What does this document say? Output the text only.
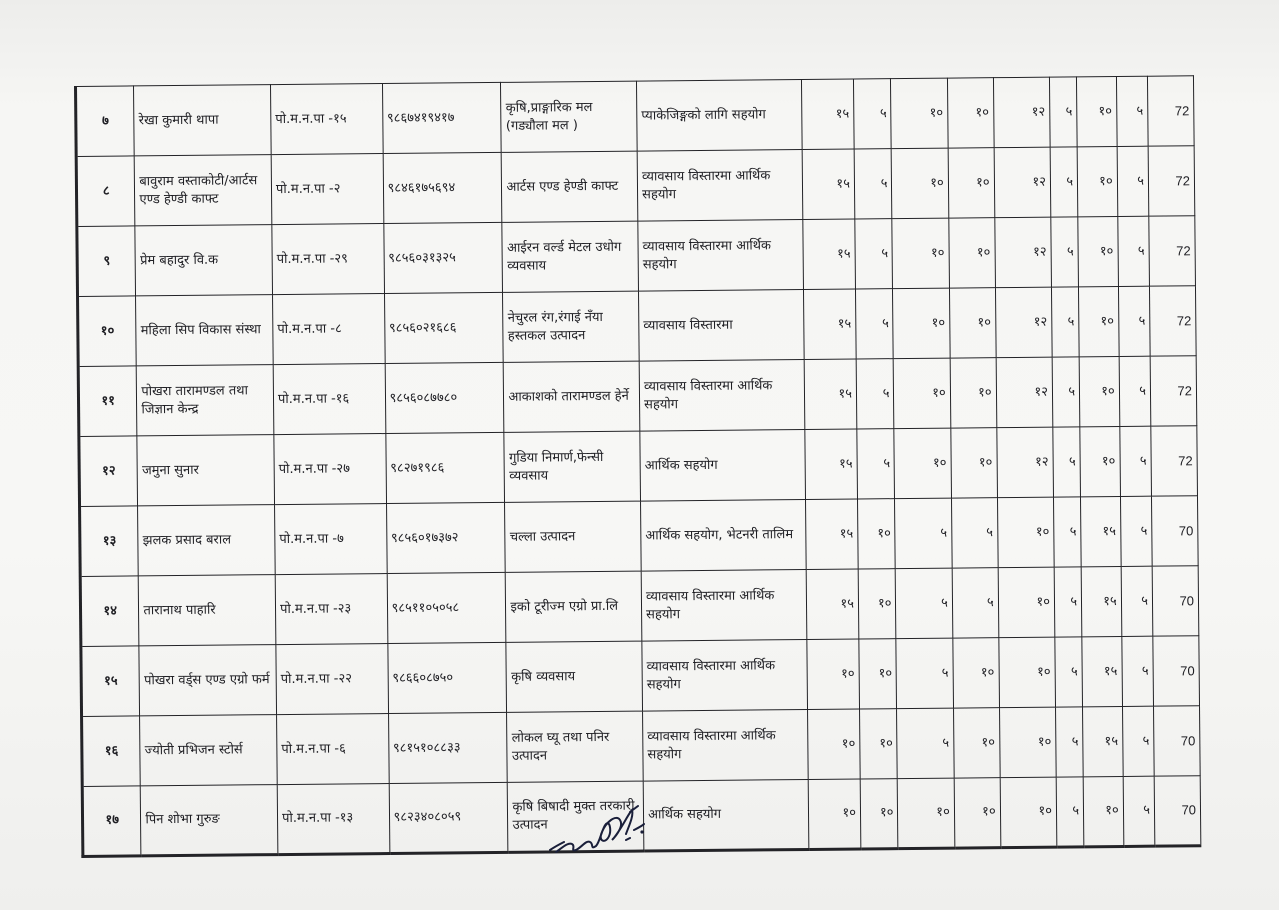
७	रेखा कुमारी थापा	पो.म.न.पा -१५	९८६७४१९४१७	कृषि,प्राङ्गारिक मल (गड्यौला मल )	प्याकेजिङ्गको लागि सहयोग	१५	५	१०	१०	१२	५	१०	५	72
८	बावुराम वस्ताकोटी/आर्टस एण्ड हेण्डी काफ्ट	पो.म.न.पा -२	९८४६१७५६९४	आर्टस एण्ड हेण्डी काफ्ट	व्यावसाय विस्तारमा आर्थिक सहयोग	१५	५	१०	१०	१२	५	१०	५	72
९	प्रेम बहादुर वि.क	पो.म.न.पा -२९	९८५६०३१३२५	आईरन वर्ल्ड मेटल उधोग व्यवसाय	व्यावसाय विस्तारमा आर्थिक सहयोग	१५	५	१०	१०	१२	५	१०	५	72
१०	महिला सिप विकास संस्था	पो.म.न.पा -८	९८५६०२१६८६	नेचुरल रंग,रंगाई नँया हस्तकल उत्पादन	व्यावसाय विस्तारमा	१५	५	१०	१०	१२	५	१०	५	72
११	पोखरा तारामण्डल तथा जिज्ञान केन्द्र	पो.म.न.पा -१६	९८५६०८७७८०	आकाशको तारामण्डल हेर्ने	व्यावसाय विस्तारमा आर्थिक सहयोग	१५	५	१०	१०	१२	५	१०	५	72
१२	जमुना सुनार	पो.म.न.पा -२७	९८२७१९८६	गुडिया निमार्ण,फेन्सी व्यवसाय	आर्थिक सहयोग	१५	५	१०	१०	१२	५	१०	५	72
१३	झलक प्रसाद बराल	पो.म.न.पा -७	९८५६०१७३७२	चल्ला उत्पादन	आर्थिक सहयोग, भेटनरी तालिम	१५	१०	५	५	१०	५	१५	५	70
१४	तारानाथ पाहारि	पो.म.न.पा -२३	९८५११०५०५८	इको टूरीज्म एग्रो प्रा.लि	व्यावसाय विस्तारमा आर्थिक सहयोग	१५	१०	५	५	१०	५	१५	५	70
१५	पोखरा वर्ड्स एण्ड एग्रो फर्म	पो.म.न.पा -२२	९८६६०८७५०	कृषि व्यवसाय	व्यावसाय विस्तारमा आर्थिक सहयोग	१०	१०	५	१०	१०	५	१५	५	70
१६	ज्योती प्रभिजन स्टोर्स	पो.म.न.पा -६	९८१५१०८८३३	लोकल घ्यू तथा पनिर उत्पादन	व्यावसाय विस्तारमा आर्थिक सहयोग	१०	१०	५	१०	१०	५	१५	५	70
१७	पिन शोभा गुरुङ	पो.म.न.पा -१३	९८२३४०८०५९	कृषि बिषादी मुक्त तरकारी उत्पादन	आर्थिक सहयोग	१०	१०	१०	१०	१०	५	१०	५	70
